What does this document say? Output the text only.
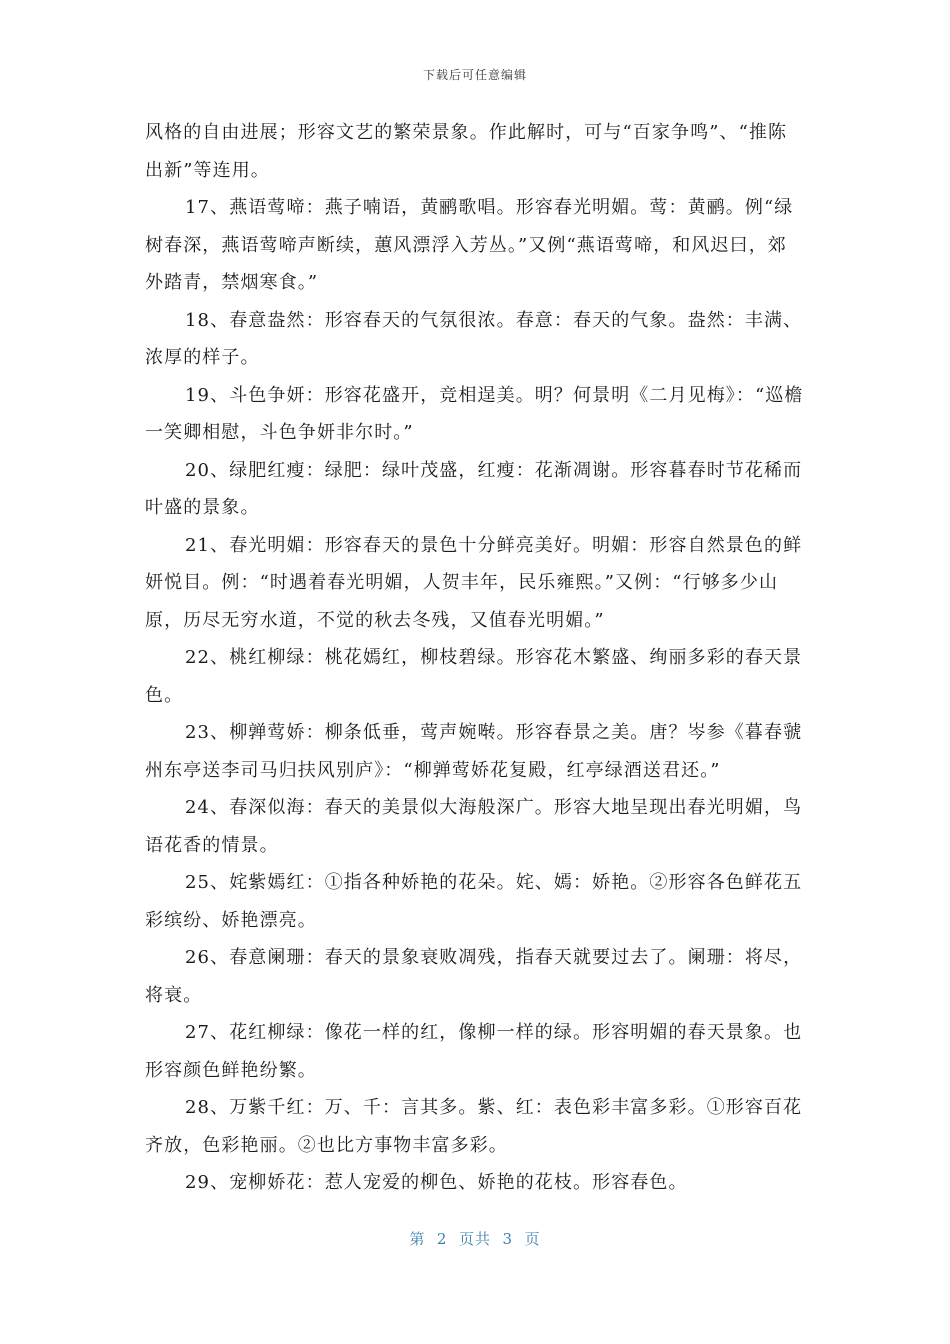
下载后可任意编辑

风格的自由进展；形容文艺的繁荣景象。作此解时，可与“百家争鸣”、“推陈出新”等连用。

17、燕语莺啼：燕子喃语，黄鹂歌唱。形容春光明媚。莺：黄鹂。例“绿树春深，燕语莺啼声断续，蕙风漂浮入芳丛。”又例“燕语莺啼，和风迟曰，郊外踏青，禁烟寒食。”

18、春意盎然：形容春天的气氛很浓。春意：春天的气象。盎然：丰满、浓厚的样子。

19、斗色争妍：形容花盛开，竞相逞美。明？何景明《二月见梅》：“巡檐一笑卿相慰，斗色争妍非尔时。”

20、绿肥红瘦：绿肥：绿叶茂盛，红瘦：花渐凋谢。形容暮春时节花稀而叶盛的景象。

21、春光明媚：形容春天的景色十分鲜亮美好。明媚：形容自然景色的鲜妍悦目。例：“时遇着春光明媚，人贺丰年，民乐雍熙。”又例：“行够多少山原，历尽无穷水道，不觉的秋去冬残，又值春光明媚。”

22、桃红柳绿：桃花嫣红，柳枝碧绿。形容花木繁盛、绚丽多彩的春天景色。

23、柳亸莺娇：柳条低垂，莺声婉啭。形容春景之美。唐？岑参《暮春虢州东亭送李司马归扶风别庐》：“柳亸莺娇花复殿，红亭绿酒送君还。”

24、春深似海：春天的美景似大海般深广。形容大地呈现出春光明媚，鸟语花香的情景。

25、姹紫嫣红：①指各种娇艳的花朵。姹、嫣：娇艳。②形容各色鲜花五彩缤纷、娇艳漂亮。

26、春意阑珊：春天的景象衰败凋残，指春天就要过去了。阑珊：将尽，将衰。

27、花红柳绿：像花一样的红，像柳一样的绿。形容明媚的春天景象。也形容颜色鲜艳纷繁。

28、万紫千红：万、千：言其多。紫、红：表色彩丰富多彩。①形容百花齐放，色彩艳丽。②也比方事物丰富多彩。

29、宠柳娇花：惹人宠爱的柳色、娇艳的花枝。形容春色。

第  2  页共  3  页
